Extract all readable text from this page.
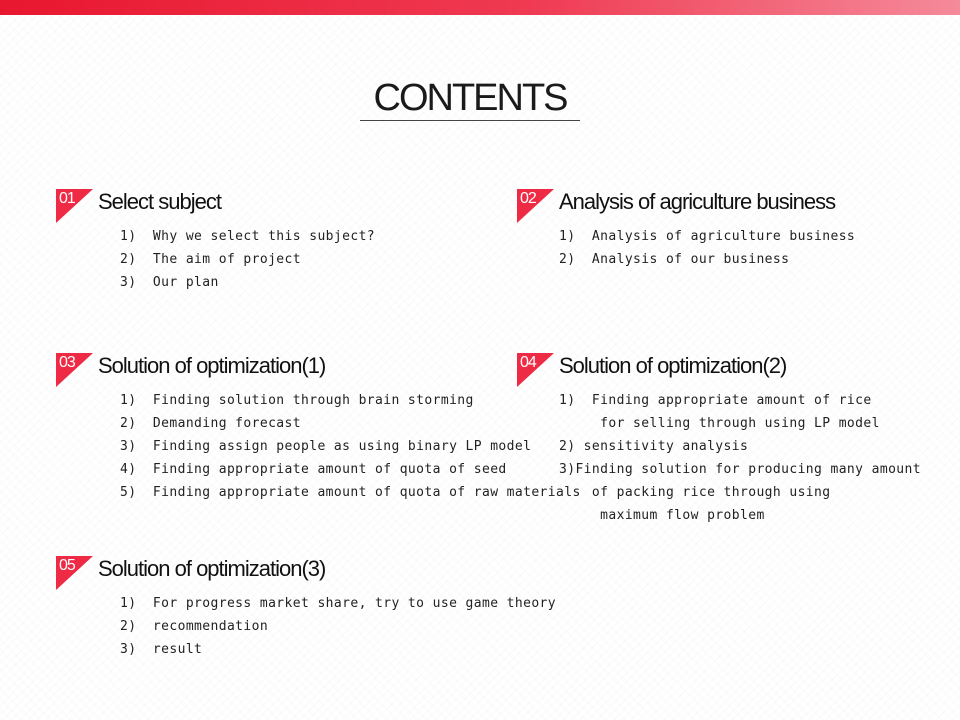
CONTENTS
01 Select subject
1)  Why we select this subject?
2)  The aim of project
3)  Our plan
02 Analysis of agriculture business
1)  Analysis of agriculture business
2)  Analysis of our business
03 Solution of optimization(1)
1)  Finding solution through brain storming
2)  Demanding forecast
3)  Finding assign people as using binary LP model
4)  Finding appropriate amount of quota of seed
5)  Finding appropriate amount of quota of raw materials
04 Solution of optimization(2)
1)  Finding appropriate amount of rice
for selling through using LP model
2) sensitivity analysis
3)Finding solution for producing many amount
of packing rice through using
maximum flow problem
05 Solution of optimization(3)
1)  For progress market share, try to use game theory
2)  recommendation
3)  result
